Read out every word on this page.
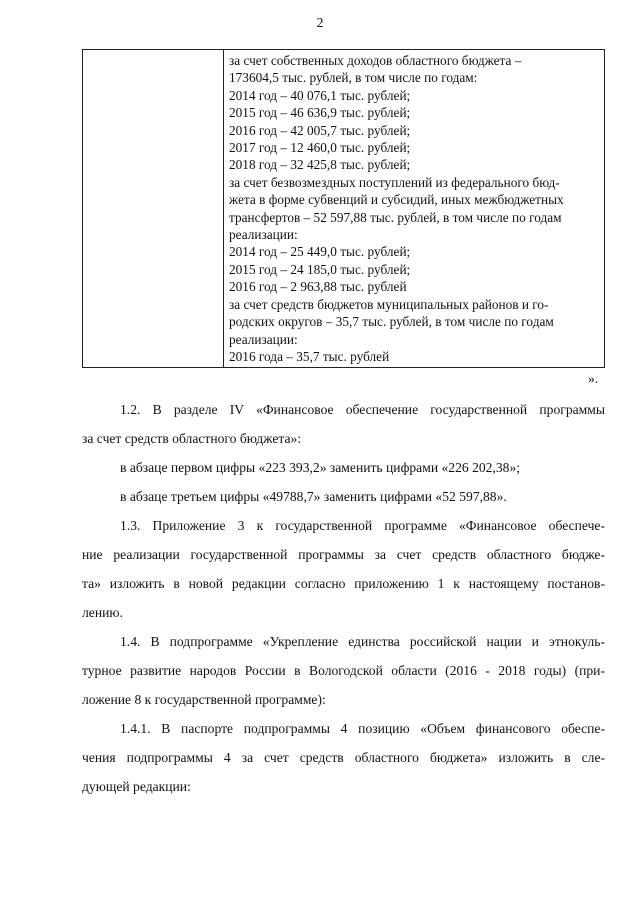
2

за счет собственных доходов областного бюджета –
173604,5 тыс. рублей, в том числе по годам:
2014 год – 40 076,1 тыс. рублей;
2015 год – 46 636,9 тыс. рублей;
2016 год – 42 005,7 тыс. рублей;
2017 год – 12 460,0 тыс. рублей;
2018 год – 32 425,8 тыс. рублей;
за счет безвозмездных поступлений из федерального бюд-
жета в форме субвенций и субсидий, иных межбюджетных
трансфертов – 52 597,88 тыс. рублей, в том числе по годам
реализации:
2014 год – 25 449,0 тыс. рублей;
2015 год – 24 185,0 тыс. рублей;
2016 год – 2 963,88 тыс. рублей
за счет средств бюджетов муниципальных районов и го-
родских округов – 35,7 тыс. рублей, в том числе по годам
реализации:
2016 года – 35,7 тыс. рублей
».
1.2. В разделе IV «Финансовое обеспечение государственной программы
за счет средств областного бюджета»:
в абзаце первом цифры «223 393,2» заменить цифрами «226 202,38»;
в абзаце третьем цифры «49788,7» заменить цифрами «52 597,88».
1.3. Приложение 3 к государственной программе «Финансовое обеспече-
ние реализации государственной программы за счет средств областного бюдже-
та» изложить в новой редакции согласно приложению 1 к настоящему постанов-
лению.
1.4. В подпрограмме «Укрепление единства российской нации и этнокуль-
турное развитие народов России в Вологодской области (2016 - 2018 годы) (при-
ложение 8 к государственной программе):
1.4.1. В паспорте подпрограммы 4 позицию «Объем финансового обеспе-
чения подпрограммы 4 за счет средств областного бюджета» изложить в сле-
дующей редакции:
